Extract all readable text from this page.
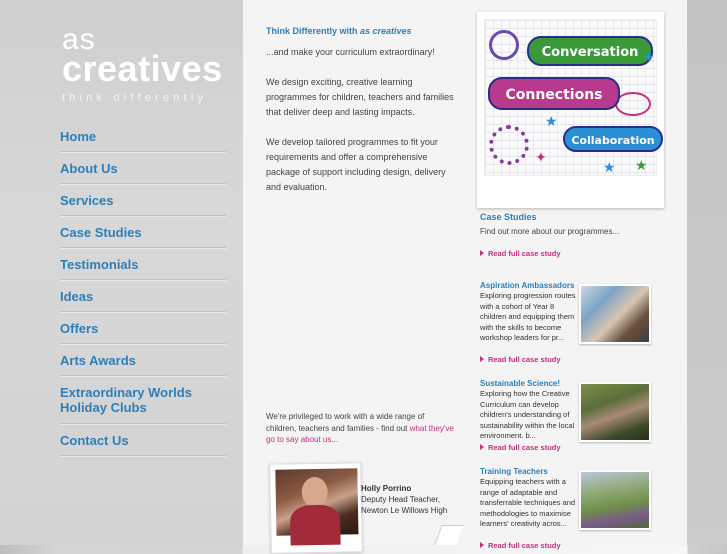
as
creatives
think differently
Home
About Us
Services
Case Studies
Testimonials
Ideas
Offers
Arts Awards
Extraordinary Worlds Holiday Clubs
Contact Us
Think Differently with as creatives

...and make your curriculum extraordinary!

We design exciting, creative learning programmes for children, teachers and families that deliver deep and lasting impacts.

We develop tailored programmes to fit your requirements and offer a comprehensive package of support including design, delivery and evaluation.

We're privileged to work with a wide range of children, teachers and families - find out what they've go to say about us...
Holly Porrino
Deputy Head Teacher,
Newton Le Willows High
Conversation
Connections
Collaboration
★
★
★
✦
✦
Case Studies
Find out more about our programmes...
Read full case study
Aspiration Ambassadors
Exploring progression routes with a cohort of Year 8 children and equipping them with the skills to become workshop leaders for pr...
Read full case study
Sustainable Science!
Exploring how the Creative Curriculum can develop children's understanding of sustainability within the local environment. b...
Read full case study
Training Teachers
Equipping teachers with a range of adaptable and transferrable techniques and methodologies to maximise learners' creativity acros...
Read full case study
